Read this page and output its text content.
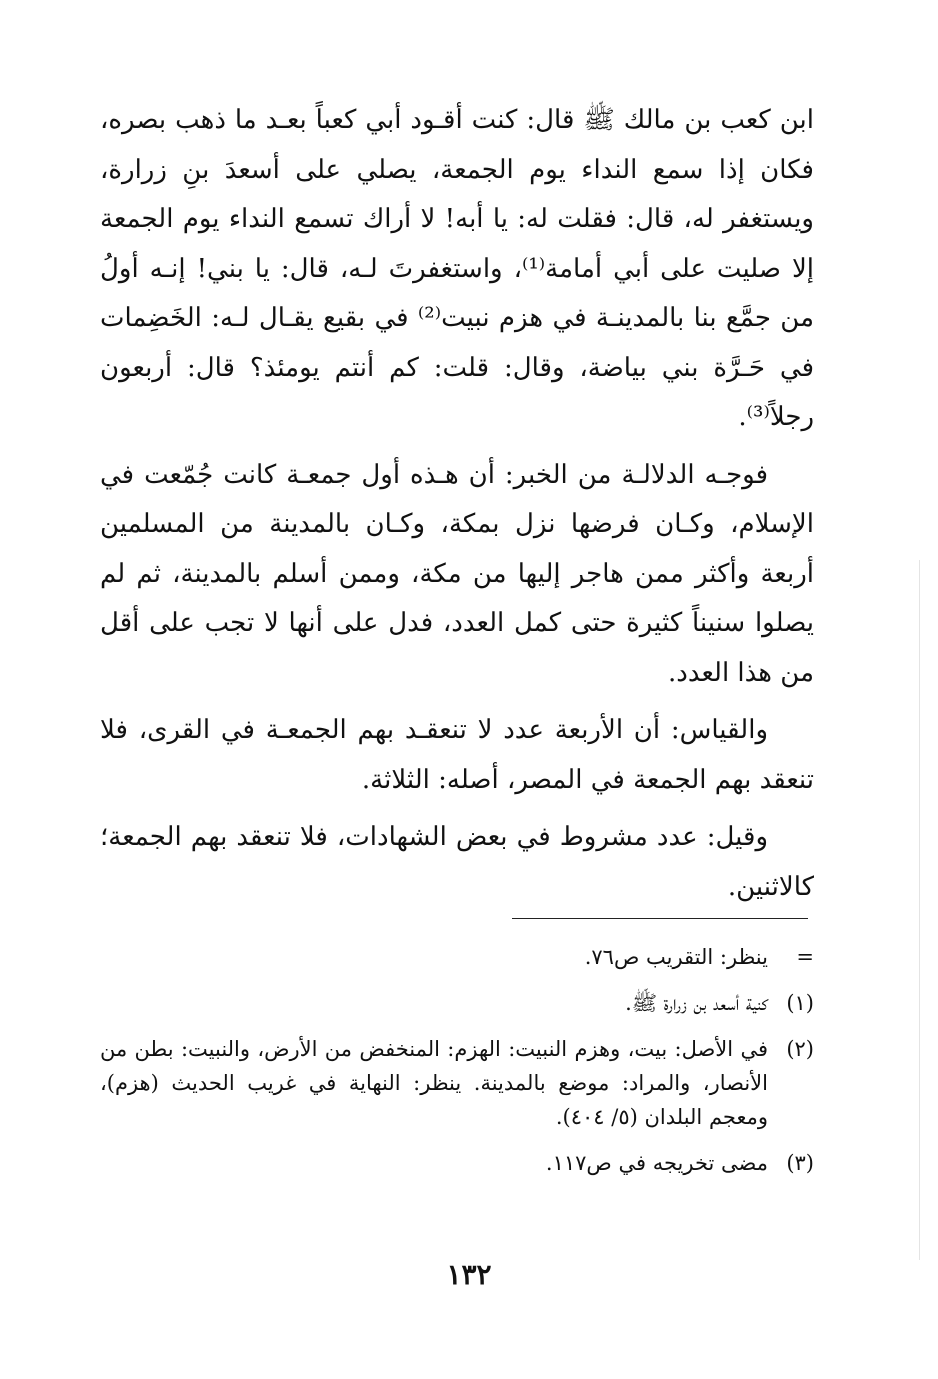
ابن كعب بن مالك ﷺ قال: كنت أقـود أبي كعباً بعـد ما ذهب بصره، فكان إذا سمع النداء يوم الجمعة، يصلي على أسعدَ بنِ زرارة، ويستغفر له، قال: فقلت له: يا أبه! لا أراك تسمع النداء يوم الجمعة إلا صليت على أبي أمامة⁽¹⁾، واستغفرتَ لـه، قال: يا بني! إنـه أولُ من جمَّع بنا بالمدينـة في هزم نبيت⁽²⁾ في بقيع يقـال لـه: الخَضِمات في حَـرَّة بني بياضة، وقال: قلت: كم أنتم يومئذ؟ قال: أربعون رجلاً⁽³⁾.

فوجـه الدلالـة من الخبر: أن هـذه أول جمعـة كانت جُمّعت في الإسلام، وكـان فرضها نزل بمكة، وكـان بالمدينة من المسلمين أربعة وأكثر ممن هاجر إليها من مكة، وممن أسلم بالمدينة، ثم لم يصلوا سنيناً كثيرة حتى كمل العدد، فدل على أنها لا تجب على أقل من هذا العدد.

والقياس: أن الأربعة عدد لا تنعقـد بهم الجمعـة في القرى، فلا تنعقد بهم الجمعة في المصر، أصله: الثلاثة.

وقيل: عدد مشروط في بعض الشهادات، فلا تنعقد بهم الجمعة؛ كالاثنين.

=
ينظر: التقريب ص٧٦.
(١)
كنية أسعد بن زرارة ﷺ.
(٢)
في الأصل: بيت، وهزم النبيت: الهزم: المنخفض من الأرض، والنبيت: بطن من الأنصار، والمراد: موضع بالمدينة. ينظر: النهاية في غريب الحديث (هزم)، ومعجم البلدان (٥/ ٤٠٤).
(٣)
مضى تخريجه في ص١١٧.
١٣٢
